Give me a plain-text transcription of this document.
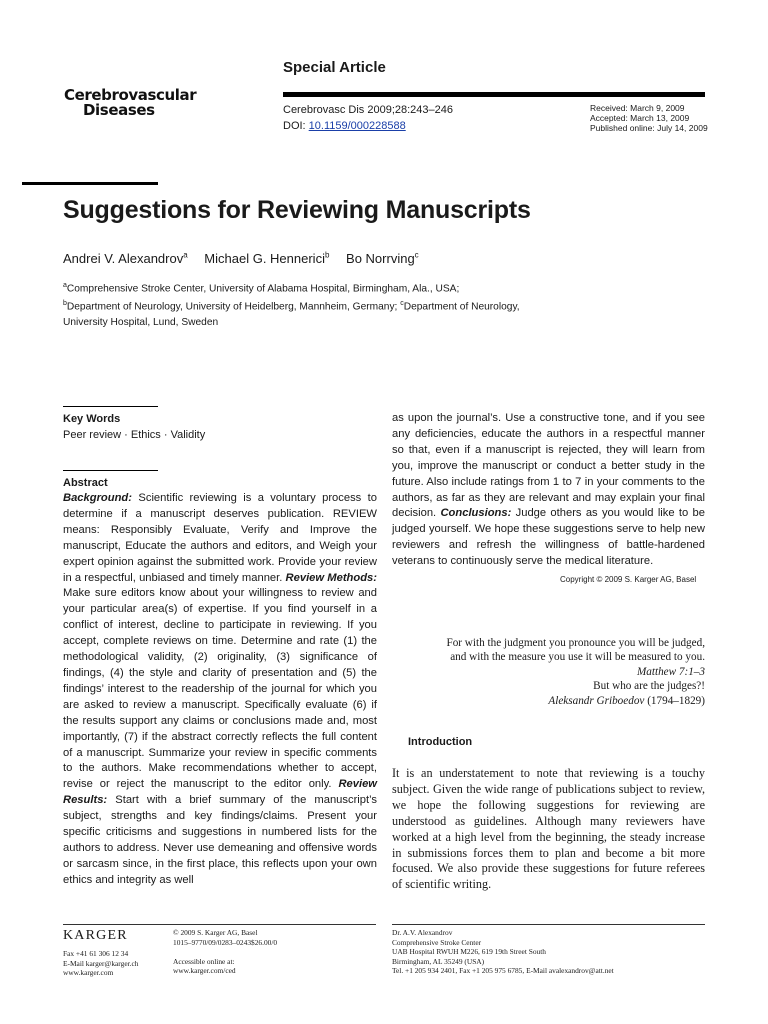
Cerebrovascular
Diseases
Special Article
Cerebrovasc Dis 2009;28:243–246
DOI: 10.1159/000228588
Received: March 9, 2009
Accepted: March 13, 2009
Published online: July 14, 2009
Suggestions for Reviewing Manuscripts
Andrei V. Alexandrov$^a$ Michael G. Hennerici$^b$ Bo Norrving$^c$
$^a$Comprehensive Stroke Center, University of Alabama Hospital, Birmingham, Ala., USA;
$^b$Department of Neurology, University of Heidelberg, Mannheim, Germany; $^c$Department of Neurology,
University Hospital, Lund, Sweden
Key Words
Peer review · Ethics · Validity
Abstract
Background: Scientific reviewing is a voluntary process to determine if a manuscript deserves publication. REVIEW means: Responsibly Evaluate, Verify and Improve the manuscript, Educate the authors and editors, and Weigh your expert opinion against the submitted work. Provide your review in a respectful, unbiased and timely manner. Review Methods: Make sure editors know about your willingness to review and your particular area(s) of expertise. If you find yourself in a conflict of interest, decline to participate in reviewing. If you accept, complete reviews on time. Determine and rate (1) the methodological validity, (2) originality, (3) significance of findings, (4) the style and clarity of presentation and (5) the findings’ interest to the readership of the journal for which you are asked to review a manuscript. Specifically evaluate (6) if the results support any claims or conclusions made and, most importantly, (7) if the abstract correctly reflects the full content of a manuscript. Summarize your review in specific comments to the authors. Make recommendations whether to accept, revise or reject the manuscript to the editor only. Review Results: Start with a brief summary of the manuscript’s subject, strengths and key findings/claims. Present your specific criticisms and suggestions in numbered lists for the authors to address. Never use demeaning and offensive words or sarcasm since, in the first place, this reflects upon your own ethics and integrity as well
as upon the journal’s. Use a constructive tone, and if you see any deficiencies, educate the authors in a respectful manner so that, even if a manuscript is rejected, they will learn from you, improve the manuscript or conduct a better study in the future. Also include ratings from 1 to 7 in your comments to the authors, as far as they are relevant and may explain your final decision. Conclusions: Judge others as you would like to be judged yourself. We hope these suggestions serve to help new reviewers and refresh the willingness of battle-hardened veterans to continuously serve the medical literature.
Copyright © 2009 S. Karger AG, Basel
For with the judgment you pronounce you will be judged,
and with the measure you use it will be measured to you.
Matthew 7:1–3
But who are the judges?!
Aleksandr Griboedov (1794–1829)
Introduction
It is an understatement to note that reviewing is a touchy subject. Given the wide range of publications subject to review, we hope the following suggestions for reviewing are understood as guidelines. Although many reviewers have worked at a high level from the beginning, the steady increase in submissions forces them to plan and become a bit more focused. We also provide these suggestions for future referees of scientific writing.
KARGER
Fax +41 61 306 12 34
E-Mail karger@karger.ch
www.karger.com
© 2009 S. Karger AG, Basel
1015–9770/09/0283–0243$26.00/0
Accessible online at:
www.karger.com/ced
Dr. A.V. Alexandrov
Comprehensive Stroke Center
UAB Hospital RWUH M226, 619 19th Street South
Birmingham, AL 35249 (USA)
Tel. +1 205 934 2401, Fax +1 205 975 6785, E-Mail avalexandrov@att.net
